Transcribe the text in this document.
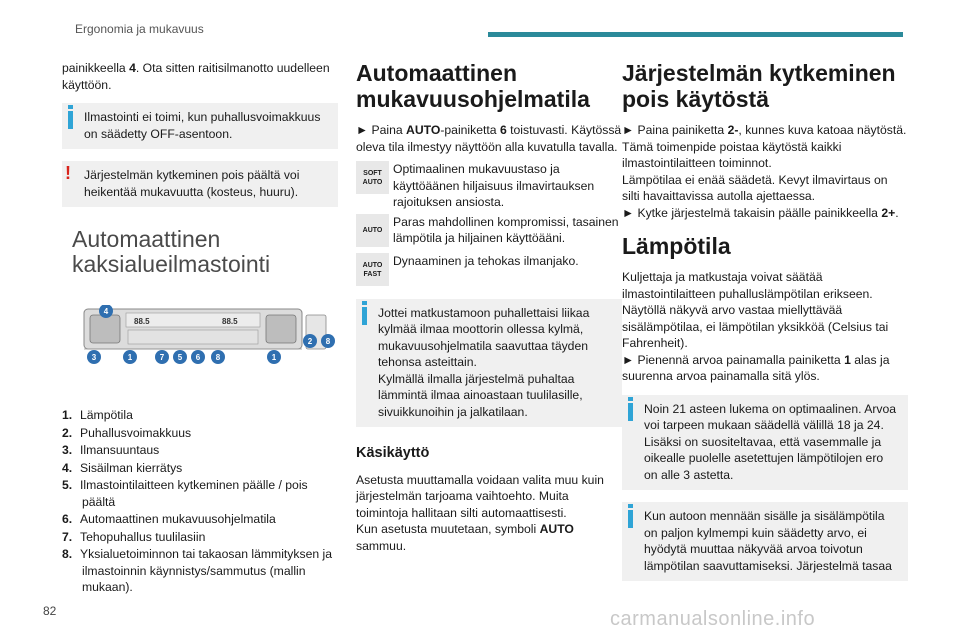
Ergonomia ja mukavuus
painikkeella 4. Ota sitten raitisilmanotto uudelleen käyttöön.
Ilmastointi ei toimi, kun puhallusvoimakkuus on säädetty OFF-asentoon.
!	Järjestelmän kytkeminen pois päältä voi heikentää mukavuutta (kosteus, huuru).
Automaattinen kaksialueilmastointi
88.5	88.5
4
3	1	7 5 6 8	1
2 8
1. Lämpötila
2. Puhallusvoimakkuus
3. Ilmansuuntaus
4. Sisäilman kierrätys
5. Ilmastointilaitteen kytkeminen päälle / pois päältä
6. Automaattinen mukavuusohjelmatila
7. Tehopuhallus tuulilasiin
8. Yksialuetoiminnon tai takaosan lämmityksen ja ilmastoinnin käynnistys/sammutus (mallin mukaan).
Automaattinen mukavuusohjelmatila
► Paina AUTO-painiketta 6 toistuvasti. Käytössä oleva tila ilmestyy näyttöön alla kuvatulla tavalla.
SOFT
AUTO
Optimaalinen mukavuustaso ja käyttöäänen hiljaisuus ilmavirtauksen rajoituksen ansiosta.
AUTO
Paras mahdollinen kompromissi, tasainen lämpötila ja hiljainen käyttöääni.
AUTO
FAST
Dynaaminen ja tehokas ilmanjako.
Jottei matkustamoon puhallettaisi liikaa kylmää ilmaa moottorin ollessa kylmä, mukavuusohjelmatila saavuttaa täyden tehonsa asteittain.
Kylmällä ilmalla järjestelmä puhaltaa lämmintä ilmaa ainoastaan tuulilasille, sivuikkunoihin ja jalkatilaan.
Käsikäyttö
Asetusta muuttamalla voidaan valita muu kuin järjestelmän tarjoama vaihtoehto. Muita toimintoja hallitaan silti automaattisesti.
Kun asetusta muutetaan, symboli AUTO sammuu.
Järjestelmän kytkeminen pois käytöstä
► Paina painiketta 2-, kunnes kuva katoaa näytöstä.
Tämä toimenpide poistaa käytöstä kaikki ilmastointilaitteen toiminnot.
Lämpötilaa ei enää säädetä. Kevyt ilmavirtaus on silti havaittavissa autolla ajettaessa.
► Kytke järjestelmä takaisin päälle painikkeella 2+.
Lämpötila
Kuljettaja ja matkustaja voivat säätää ilmastointilaitteen puhalluslämpötilan erikseen.
Näytöllä näkyvä arvo vastaa miellyttävää sisälämpötilaa, ei lämpötilan yksikköä (Celsius tai Fahrenheit).
► Pienennä arvoa painamalla painiketta 1 alas ja suurenna arvoa painamalla sitä ylös.
Noin 21 asteen lukema on optimaalinen. Arvoa voi tarpeen mukaan säädellä välillä 18 ja 24.
Lisäksi on suositeltavaa, että vasemmalle ja oikealle puolelle asetettujen lämpötilojen ero on alle 3 astetta.
Kun autoon mennään sisälle ja sisälämpötila on paljon kylmempi kuin säädetty arvo, ei hyödytä muuttaa näkyvää arvoa toivotun lämpötilan saavuttamiseksi. Järjestelmä tasaa
82	carmanualsonline.info
